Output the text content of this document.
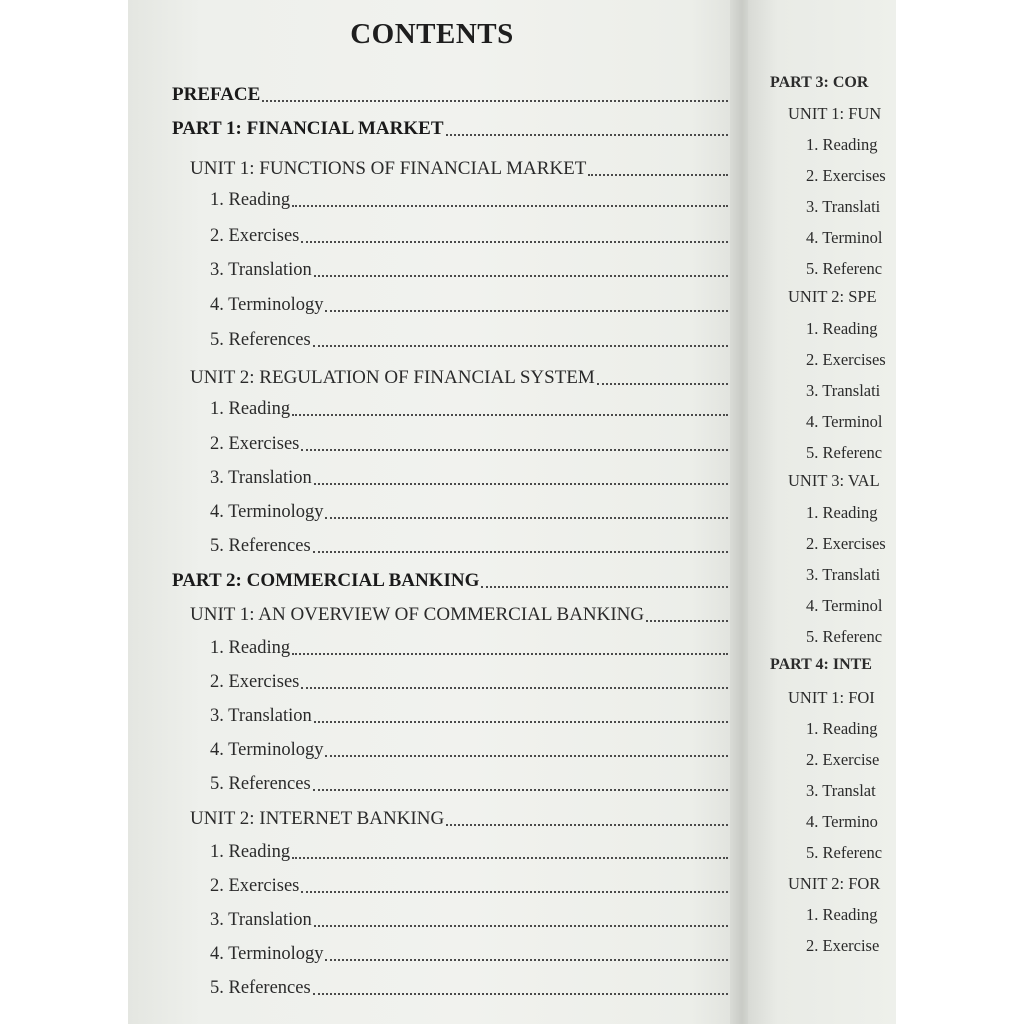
CONTENTS
PREFACE
PART 1: FINANCIAL MARKET
UNIT 1: FUNCTIONS OF FINANCIAL MARKET
1. Reading
2. Exercises
3. Translation
4. Terminology
5. References
UNIT 2: REGULATION OF FINANCIAL SYSTEM
1. Reading
2. Exercises
3. Translation
4. Terminology
5. References
PART 2: COMMERCIAL BANKING
UNIT 1: AN OVERVIEW OF COMMERCIAL BANKING
1. Reading
2. Exercises
3. Translation
4. Terminology
5. References
UNIT 2: INTERNET BANKING
1. Reading
2. Exercises
3. Translation
4. Terminology
5. References
PART 3: COR
UNIT 1: FUN
1. Reading
2. Exercises
3. Translati
4. Terminol
5. Referenc
UNIT 2: SPE
1. Reading
2. Exercises
3. Translati
4. Terminol
5. Referenc
UNIT 3: VAL
1. Reading
2. Exercises
3. Translati
4. Terminol
5. Referenc
PART 4: INTE
UNIT 1: FOI
1. Reading
2. Exercise
3. Translat
4. Termino
5. Referenc
UNIT 2: FOR
1. Reading
2. Exercise
